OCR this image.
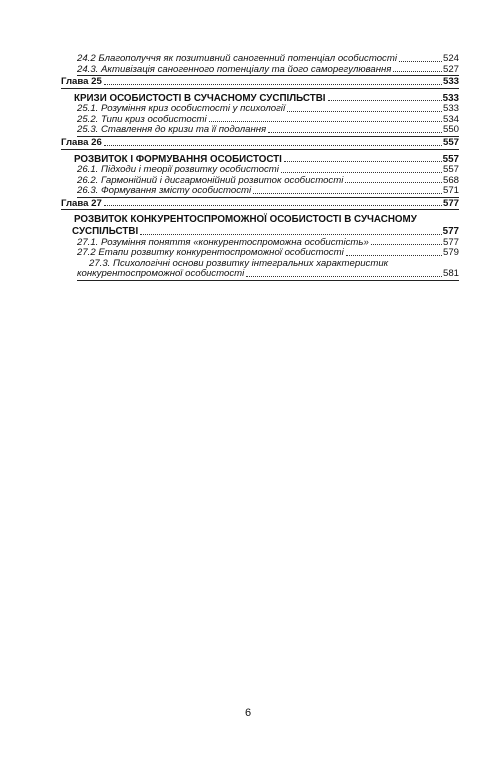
24.2 Благополуччя як позитивний саногенний потенціал особистості	524
24.3. Активізація саногенного потенціалу та його саморегулювання	527
Глава 25	533
КРИЗИ ОСОБИСТОСТІ В СУЧАСНОМУ СУСПІЛЬСТВІ	533
25.1. Розуміння криз особистості у психології	533
25.2. Типи криз особистості	534
25.3. Ставлення до кризи та її подолання	550
Глава 26	557
РОЗВИТОК І ФОРМУВАННЯ ОСОБИСТОСТІ	557
26.1. Підходи і теорії розвитку особистості	557
26.2. Гармонійний і дисгармонійний розвиток особистості	568
26.3. Формування змісту особистості	571
Глава 27	577
РОЗВИТОК КОНКУРЕНТОСПРОМОЖНОЇ ОСОБИСТОСТІ В СУЧАСНОМУ
СУСПІЛЬСТВІ	577
27.1. Розуміння поняття «конкурентоспроможна особистість»	577
27.2 Етапи розвитку конкурентоспроможної особистості	579
27.3. Психологічні основи розвитку інтегральних характеристик
конкурентоспроможної особистості	581
6
